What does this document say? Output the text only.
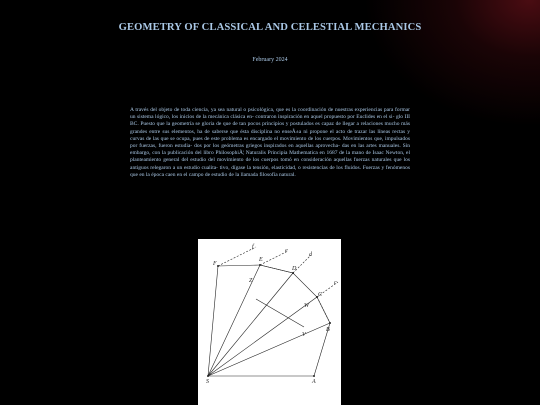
GEOMETRY OF CLASSICAL AND CELESTIAL MECHANICS
February 2024
A través del objeto de toda ciencia, ya sea natural o psicológica, que es la coordinación de nuestras experiencias para formar un sistema lógico, los inicios de la mecánica clásica en- contraron inspiración en aquel propuesto por Euclides en el si- glo III BC. Puesto que la geometría se gloria de que de tan pocos principios y postulados es capaz de llegar a relaciones mucho más grandes entre sus elementos, ha de saberse que ésta disciplina no enseÃ±a ni propone el acto de trazar las líneas rectas y curvas de las que se ocupa, pues de este problema es encargado el movimiento de los cuerpos. Movimientos que, impulsados por fuerzas, fueron estudia- dos por los geómetras griegos inspirados en aquellas aprovecha- das en las artes manuales. Sin embargo, con la publicación del libro PhilosophiÃ¦ Naturalis Principia Mathematica en 1687 de la mano de Isaac Newton, el planteamiento general del estudio del movimiento de los cuerpos tomó en consideración aquellas fuerzas naturales que los antiguos relegaron a un estudio cualita- tivo, dígase la tensión, elasticidad, o resistencias de los fluidos. Fuerzas y fenómenos que en la época caen en el campo de estudio de la llamada filosofía natural.
f
e
d
c
E
D
F
Z
C
W
V
B
S	A
